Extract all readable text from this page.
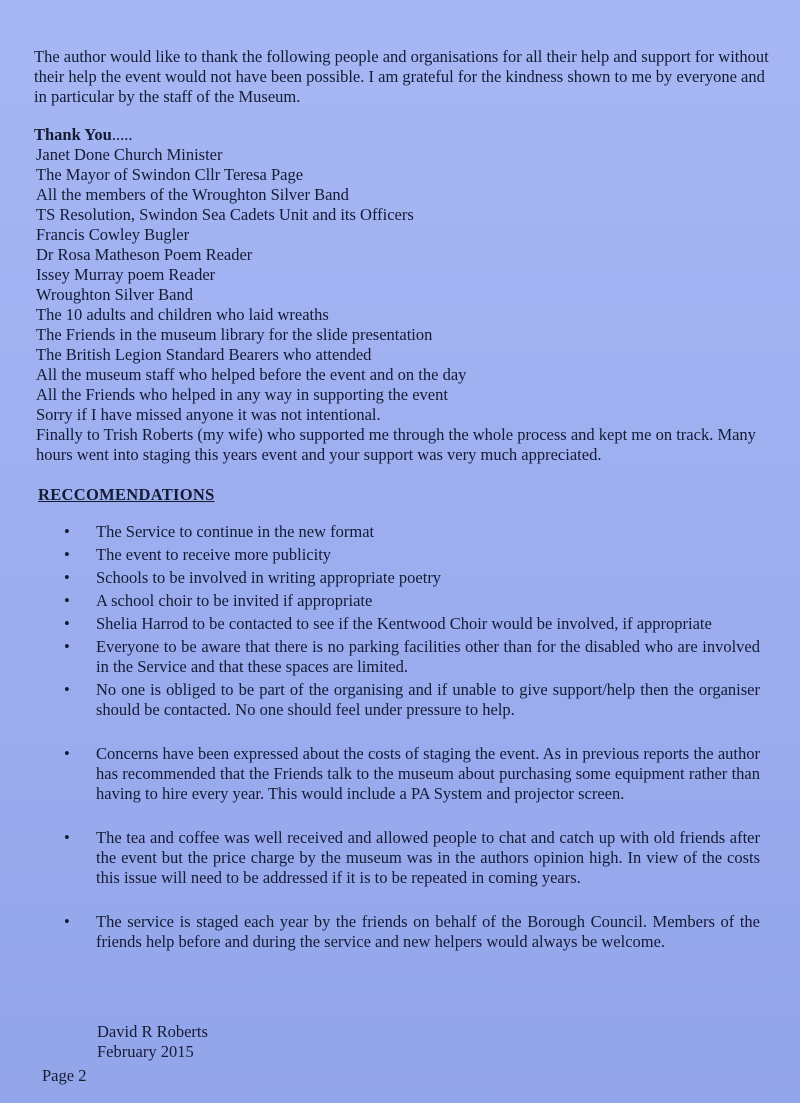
The author would like to thank the following people and organisations for all their help and support for without their help the event would not have been possible. I am grateful for the kindness shown to me by everyone and in particular by the staff of the Museum.

Thank You.....

Janet Done Church Minister
The Mayor of Swindon Cllr Teresa Page
All the members of the Wroughton Silver Band
TS Resolution, Swindon Sea Cadets Unit and its Officers
Francis Cowley Bugler
Dr Rosa Matheson Poem Reader
Issey Murray poem Reader
Wroughton Silver Band
The 10 adults and children who laid wreaths
The Friends in the museum library for the slide presentation
The British Legion Standard Bearers who attended
All the museum staff who helped before the event and on the day
All the Friends who helped in any way in supporting the event
Sorry if I have missed anyone it was not intentional.
Finally to Trish Roberts (my wife) who supported me through the whole process and kept me on track. Many hours went into staging this years event and your support was very much appreciated.

RECCOMENDATIONS

• The Service to continue in the new format
• The event to receive more publicity
• Schools to be involved in writing appropriate poetry
• A school choir to be invited if appropriate
• Shelia Harrod to be contacted to see if the Kentwood Choir would be involved, if appropriate
• Everyone to be aware that there is no parking facilities other than for the disabled who are involved in the Service and that these spaces are limited.
• No one is obliged to be part of the organising and if unable to give support/help then the organiser should be contacted. No one should feel under pressure to help.
• Concerns have been expressed about the costs of staging the event. As in previous reports the author has recommended that the Friends talk to the museum about purchasing some equipment rather than having to hire every year. This would include a PA System and projector screen.
• The tea and coffee was well received and allowed people to chat and catch up with old friends after the event but the price charge by the museum was in the authors opinion high. In view of the costs this issue will need to be addressed if it is to be repeated in coming years.
• The service is staged each year by the friends on behalf of the Borough Council. Members of the friends help before and during the service and new helpers would always be welcome.
David R Roberts
February 2015

Page 2
